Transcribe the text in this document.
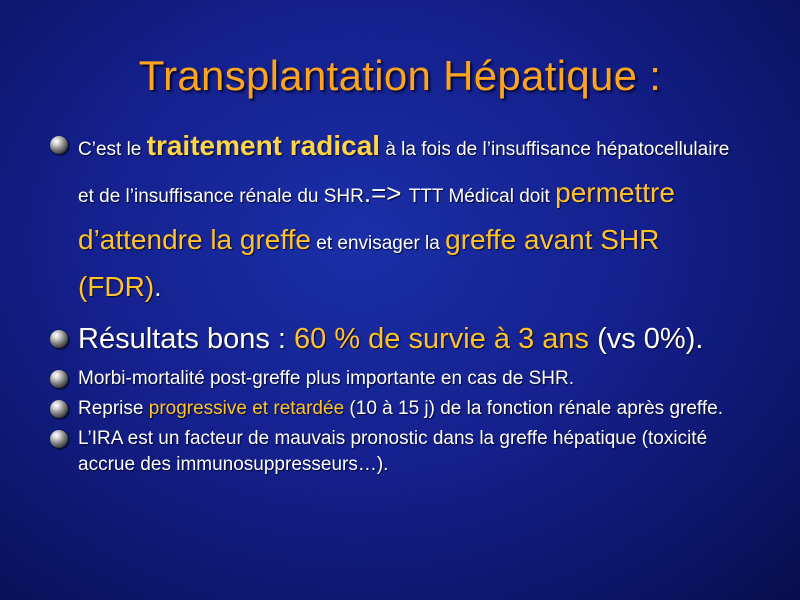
Transplantation Hépatique :
C’est le traitement radical à la fois de l’insuffisance hépatocellulaire et de l’insuffisance rénale du SHR.=> TTT Médical doit permettre d’attendre la greffe et envisager la greffe avant SHR (FDR).
Résultats bons : 60 % de survie à 3 ans (vs 0%).
Morbi-mortalité post-greffe plus importante en cas de SHR.
Reprise progressive et retardée (10 à 15 j) de la fonction rénale après greffe.
L’IRA est un facteur de mauvais pronostic dans la greffe hépatique (toxicité accrue des immunosuppresseurs…).
